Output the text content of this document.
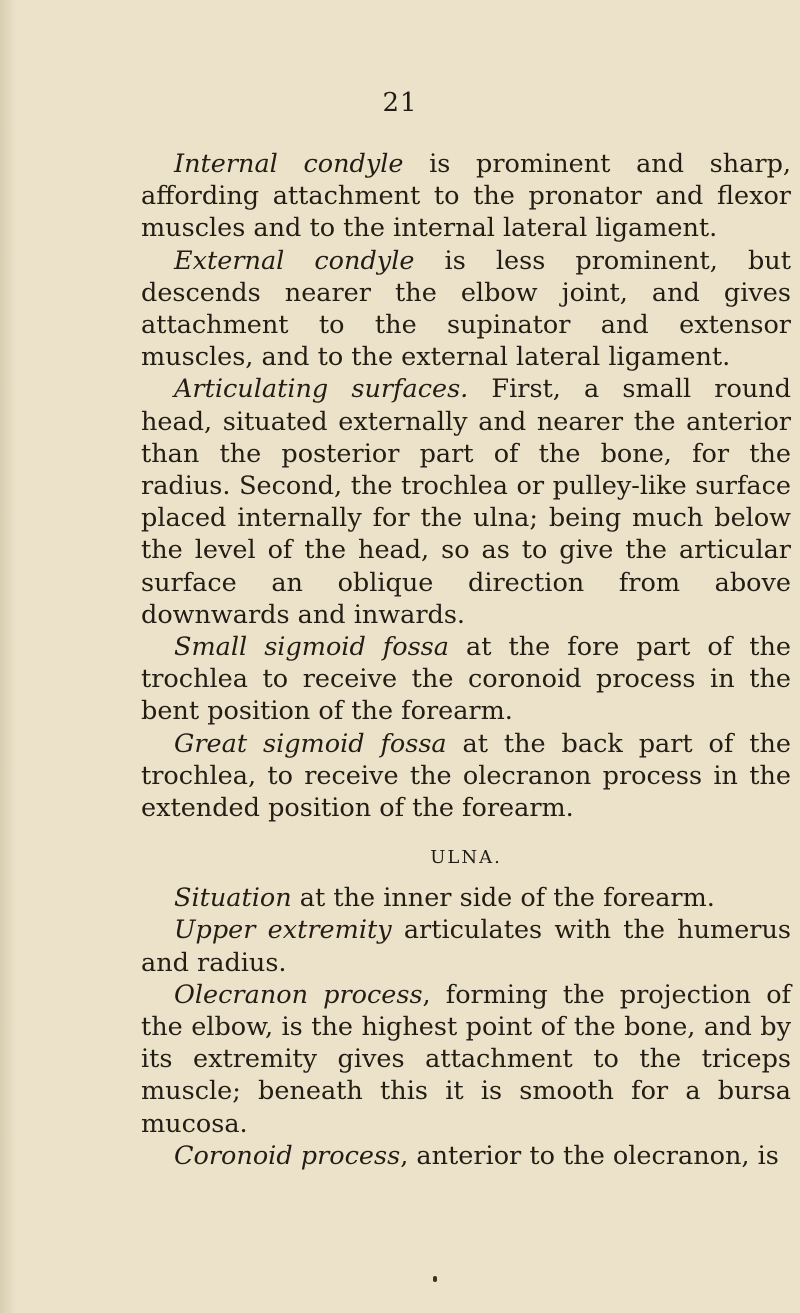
21

Internal condyle is prominent and sharp, affording attachment to the pronator and flexor muscles and to the internal lateral ligament.

External condyle is less prominent, but descends nearer the elbow joint, and gives attachment to the supinator and extensor muscles, and to the external lateral ligament.

Articulating surfaces. First, a small round head, situated externally and nearer the anterior than the posterior part of the bone, for the radius. Second, the trochlea or pulley-like surface placed internally for the ulna; being much below the level of the head, so as to give the articular surface an oblique direction from above downwards and inwards.

Small sigmoid fossa at the fore part of the trochlea to receive the coronoid process in the bent position of the forearm.

Great sigmoid fossa at the back part of the trochlea, to receive the olecranon process in the extended position of the forearm.

ULNA.

Situation at the inner side of the forearm.

Upper extremity articulates with the humerus and radius.

Olecranon process, forming the projection of the elbow, is the highest point of the bone, and by its extremity gives attachment to the triceps muscle; beneath this it is smooth for a bursa mucosa.

Coronoid process, anterior to the olecranon, is
